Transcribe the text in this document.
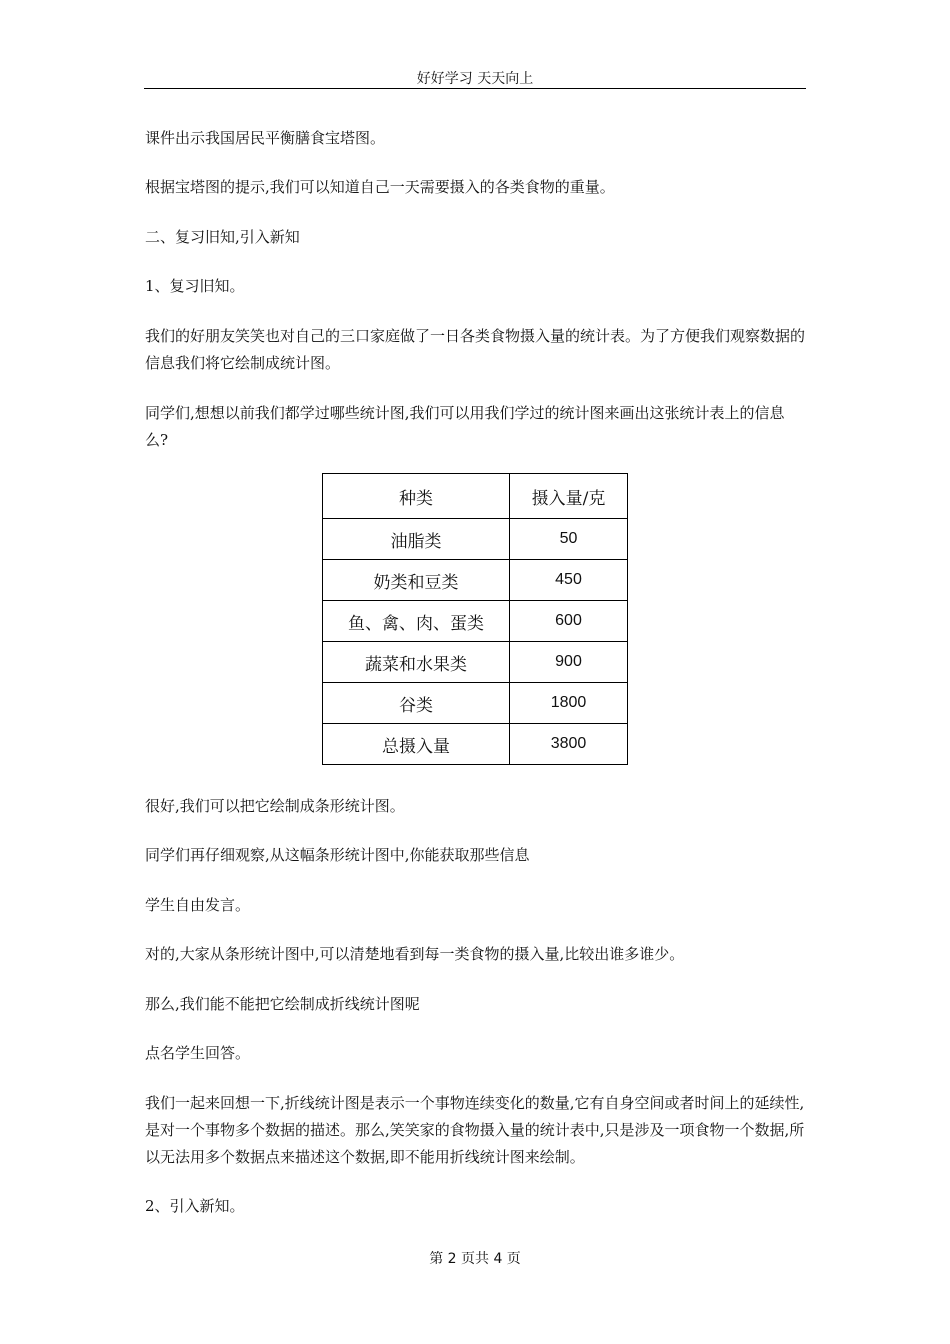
好好学习 天天向上

课件出示我国居民平衡膳食宝塔图。

根据宝塔图的提示,我们可以知道自己一天需要摄入的各类食物的重量。

二、复习旧知,引入新知

1、复习旧知。

我们的好朋友笑笑也对自己的三口家庭做了一日各类食物摄入量的统计表。为了方便我们观察数据的信息我们将它绘制成统计图。

同学们,想想以前我们都学过哪些统计图,我们可以用我们学过的统计图来画出这张统计表上的信息么?

种类	摄入量/克
油脂类	50
奶类和豆类	450
鱼、禽、肉、蛋类	600
蔬菜和水果类	900
谷类	1800
总摄入量	3800

很好,我们可以把它绘制成条形统计图。

同学们再仔细观察,从这幅条形统计图中,你能获取那些信息

学生自由发言。

对的,大家从条形统计图中,可以清楚地看到每一类食物的摄入量,比较出谁多谁少。

那么,我们能不能把它绘制成折线统计图呢

点名学生回答。

我们一起来回想一下,折线统计图是表示一个事物连续变化的数量,它有自身空间或者时间上的延续性,是对一个事物多个数据的描述。那么,笑笑家的食物摄入量的统计表中,只是涉及一项食物一个数据,所以无法用多个数据点来描述这个数据,即不能用折线统计图来绘制。

2、引入新知。

第 2 页共 4 页
